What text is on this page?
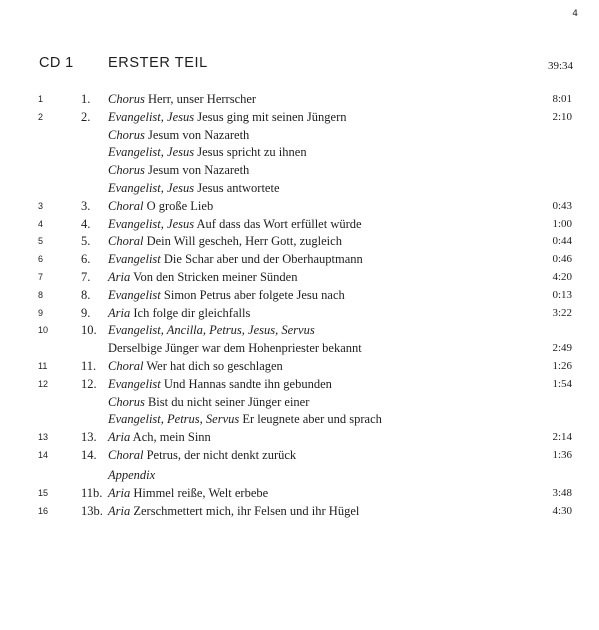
4
CD 1 ERSTER TEIL	39:34
1	1. Chorus Herr, unser Herrscher	8:01
2	2. Evangelist, Jesus Jesus ging mit seinen Jüngern	2:10
Chorus Jesum von Nazareth
Evangelist, Jesus Jesus spricht zu ihnen
Chorus Jesum von Nazareth
Evangelist, Jesus Jesus antwortete
3	3. Choral O große Lieb	0:43
4	4. Evangelist, Jesus Auf dass das Wort erfüllet würde	1:00
5	5. Choral Dein Will gescheh, Herr Gott, zugleich	0:44
6	6. Evangelist Die Schar aber und der Oberhauptmann	0:46
7	7. Aria Von den Stricken meiner Sünden	4:20
8	8. Evangelist Simon Petrus aber folgete Jesu nach	0:13
9	9. Aria Ich folge dir gleichfalls	3:22
10	10. Evangelist, Ancilla, Petrus, Jesus, Servus
Derselbige Jünger war dem Hohenpriester bekannt	2:49
11	11. Choral Wer hat dich so geschlagen	1:26
12	12. Evangelist Und Hannas sandte ihn gebunden	1:54
Chorus Bist du nicht seiner Jünger einer
Evangelist, Petrus, Servus Er leugnete aber und sprach
13	13. Aria Ach, mein Sinn	2:14
14	14. Choral Petrus, der nicht denkt zurück	1:36
Appendix
15	11b. Aria Himmel reiße, Welt erbebe	3:48
16	13b. Aria Zerschmettert mich, ihr Felsen und ihr Hügel	4:30
